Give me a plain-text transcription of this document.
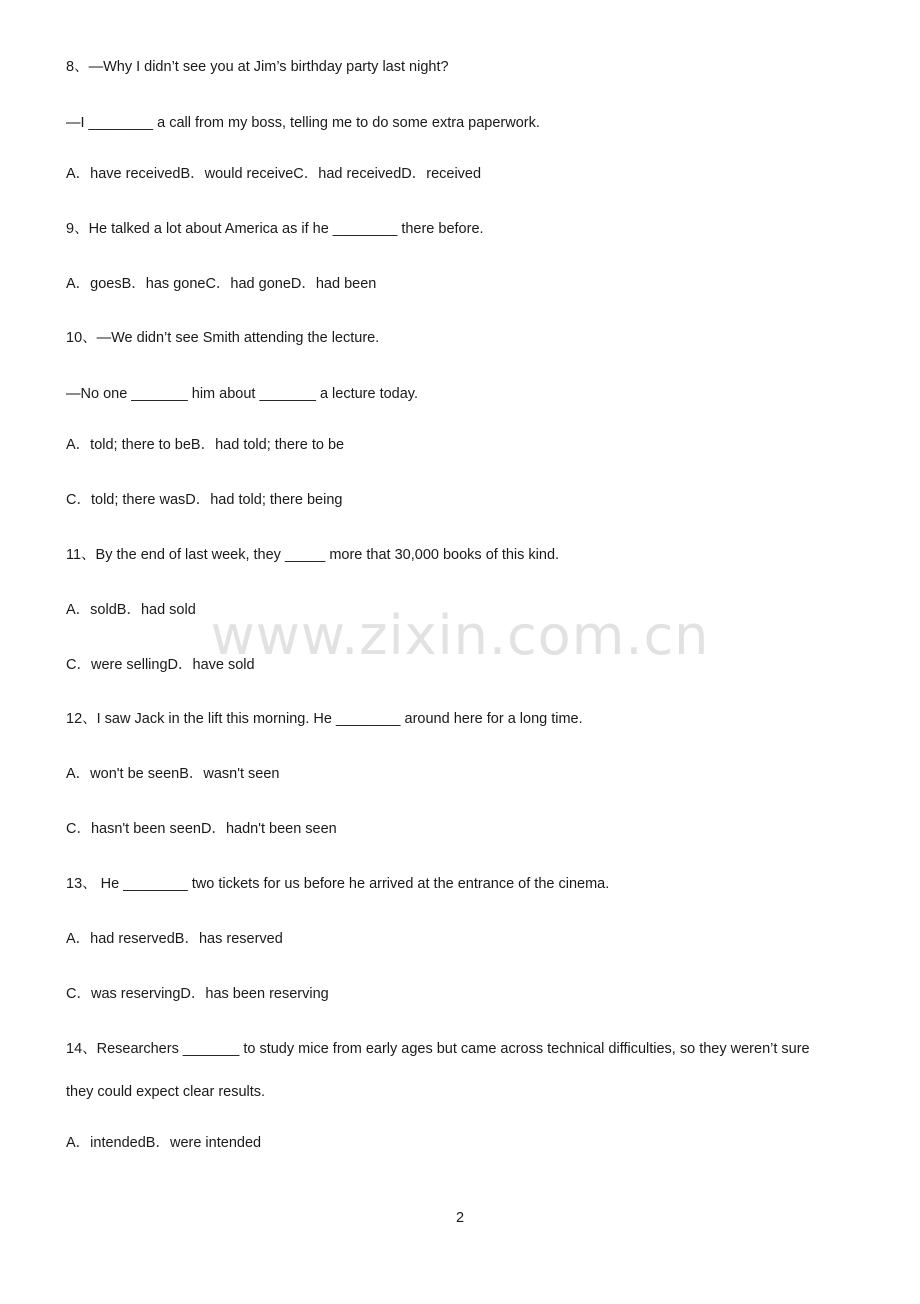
8、—Why I didn’t see you at Jim’s birthday party last night?
—I ________ a call from my boss, telling me to do some extra paperwork.
A．have receivedB．would receiveC．had receivedD．received
9、He talked a lot about America as if he ________ there before.
A．goesB．has goneC．had goneD．had been
10、—We didn’t see Smith attending the lecture.
—No one _______ him about _______ a lecture today.
A．told; there to beB．had told; there to be
C．told; there wasD．had told; there being
11、By the end of last week, they _____ more that 30,000 books of this kind.
A．soldB．had sold
C．were sellingD．have sold
12、I saw Jack in the lift this morning. He ________ around here for a long time.
A．won't be seenB．wasn't seen
C．hasn't been seenD．hadn't been seen
13、 He ________ two tickets for us before he arrived at the entrance of the cinema.
A．had reservedB．has reserved
C．was reservingD．has been reserving
14、Researchers _______ to study mice from early ages but came across technical difficulties, so they weren’t sure
they could expect clear results.
A．intendedB．were intended
www.zixin.com.cn
2
